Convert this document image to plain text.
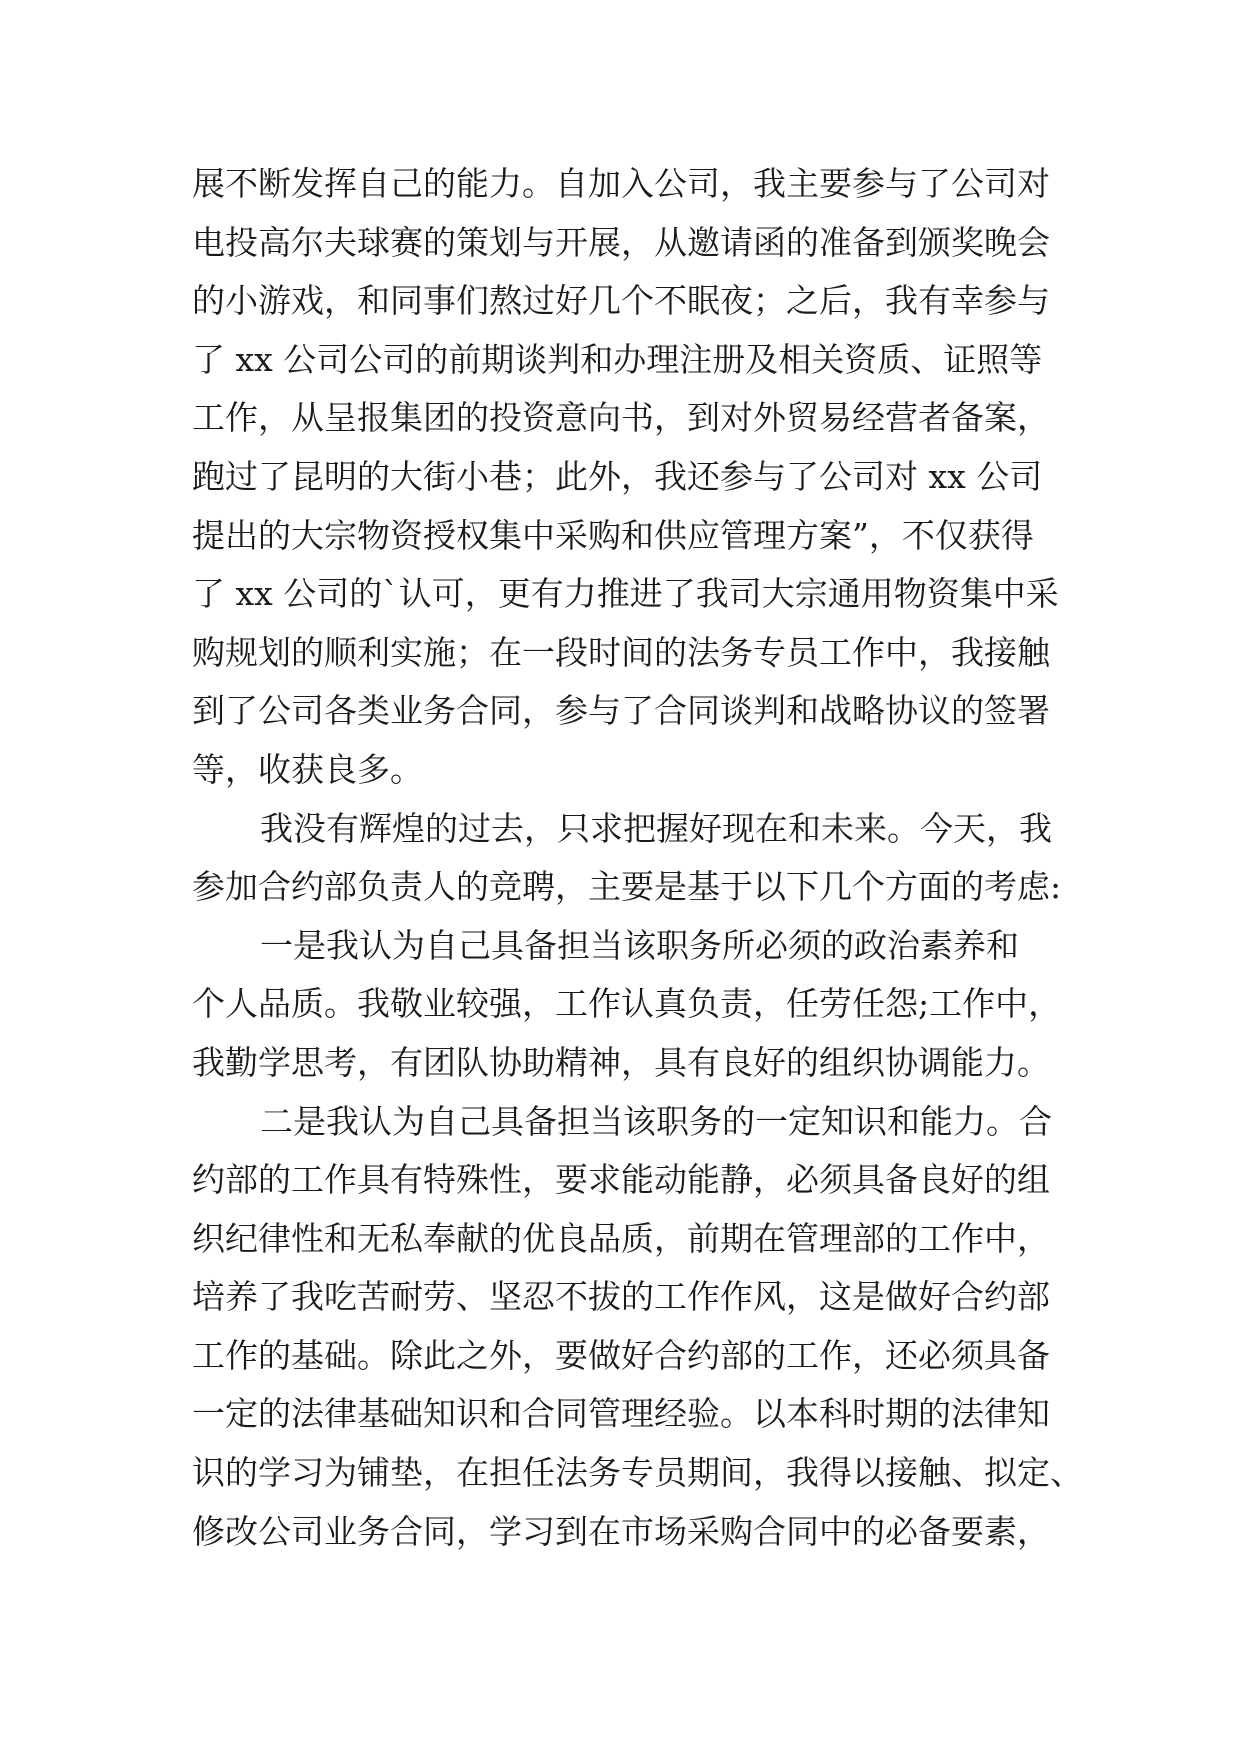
展不断发挥自己的能力。自加入公司，我主要参与了公司对
电投高尔夫球赛的策划与开展，从邀请函的准备到颁奖晚会
的小游戏，和同事们熬过好几个不眠夜；之后，我有幸参与
了 xx 公司公司的前期谈判和办理注册及相关资质、证照等
工作，从呈报集团的投资意向书，到对外贸易经营者备案，
跑过了昆明的大街小巷；此外，我还参与了公司对 xx 公司
提出的大宗物资授权集中采购和供应管理方案”，不仅获得
了 xx 公司的`认可，更有力推进了我司大宗通用物资集中采
购规划的顺利实施；在一段时间的法务专员工作中，我接触
到了公司各类业务合同，参与了合同谈判和战略协议的签署
等，收获良多。
我没有辉煌的过去，只求把握好现在和未来。今天，我
参加合约部负责人的竞聘，主要是基于以下几个方面的考虑:
一是我认为自己具备担当该职务所必须的政治素养和
个人品质。我敬业较强，工作认真负责，任劳任怨;工作中，
我勤学思考，有团队协助精神，具有良好的组织协调能力。
二是我认为自己具备担当该职务的一定知识和能力。合
约部的工作具有特殊性，要求能动能静，必须具备良好的组
织纪律性和无私奉献的优良品质，前期在管理部的工作中，
培养了我吃苦耐劳、坚忍不拔的工作作风，这是做好合约部
工作的基础。除此之外，要做好合约部的工作，还必须具备
一定的法律基础知识和合同管理经验。以本科时期的法律知
识的学习为铺垫，在担任法务专员期间，我得以接触、拟定、
修改公司业务合同，学习到在市场采购合同中的必备要素，
